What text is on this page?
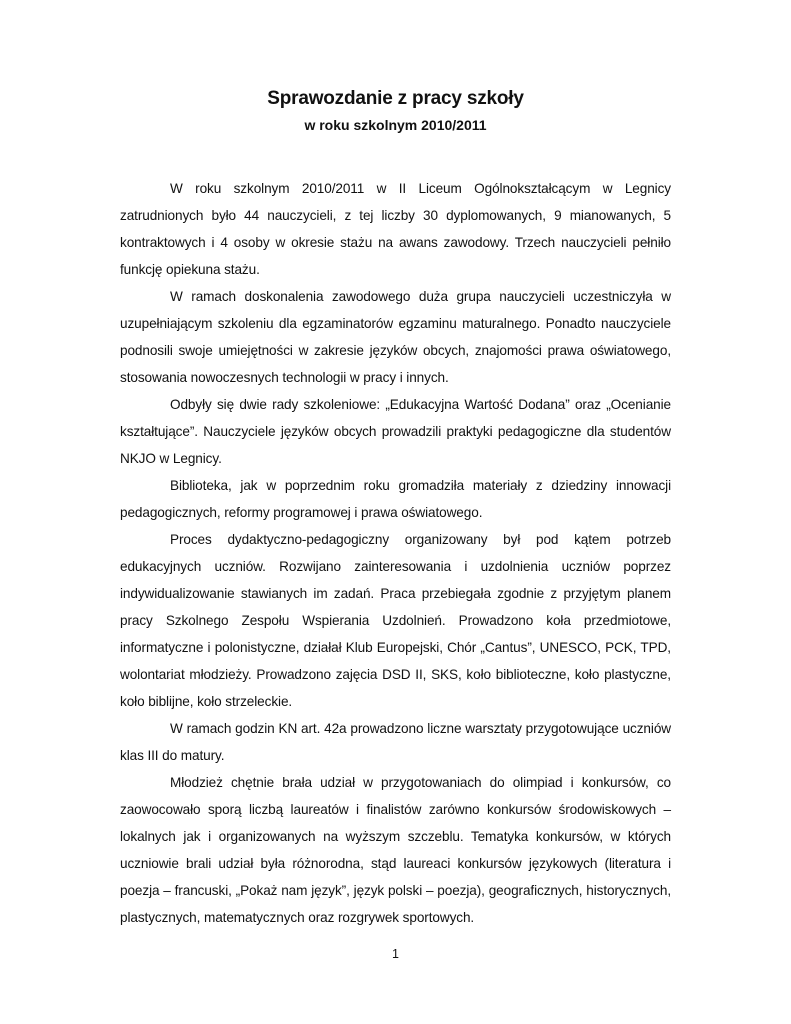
Sprawozdanie z pracy szkoły
w roku szkolnym 2010/2011

W roku szkolnym 2010/2011 w II Liceum Ogólnokształcącym w Legnicy zatrudnionych było 44 nauczycieli, z tej liczby 30 dyplomowanych, 9 mianowanych, 5 kontraktowych i 4 osoby w okresie stażu na awans zawodowy. Trzech nauczycieli pełniło funkcję opiekuna stażu.

W ramach doskonalenia zawodowego duża grupa nauczycieli uczestniczyła w uzupełniającym szkoleniu dla egzaminatorów egzaminu maturalnego. Ponadto nauczyciele podnosili swoje umiejętności w zakresie języków obcych, znajomości prawa oświatowego, stosowania nowoczesnych technologii w pracy i innych.

Odbyły się dwie rady szkoleniowe: „Edukacyjna Wartość Dodana” oraz „Ocenianie kształtujące”. Nauczyciele języków obcych prowadzili praktyki pedagogiczne dla studentów NKJO w Legnicy.

Biblioteka, jak w poprzednim roku gromadziła materiały z dziedziny innowacji pedagogicznych, reformy programowej i prawa oświatowego.

Proces dydaktyczno-pedagogiczny organizowany był pod kątem potrzeb edukacyjnych uczniów. Rozwijano zainteresowania i uzdolnienia uczniów poprzez indywidualizowanie stawianych im zadań. Praca przebiegała zgodnie z przyjętym planem pracy Szkolnego Zespołu Wspierania Uzdolnień. Prowadzono koła przedmiotowe, informatyczne i polonistyczne, działał Klub Europejski, Chór „Cantus”, UNESCO, PCK, TPD, wolontariat młodzieży. Prowadzono zajęcia DSD II, SKS, koło biblioteczne, koło plastyczne, koło biblijne, koło strzeleckie.

W ramach godzin KN art. 42a prowadzono liczne warsztaty przygotowujące uczniów klas III do matury.

Młodzież chętnie brała udział w przygotowaniach do olimpiad i konkursów, co zaowocowało sporą liczbą laureatów i finalistów zarówno konkursów środowiskowych – lokalnych jak i organizowanych na wyższym szczeblu. Tematyka konkursów, w których uczniowie brali udział była różnorodna, stąd laureaci konkursów językowych (literatura i poezja – francuski, „Pokaż nam język”, język polski – poezja), geograficznych, historycznych, plastycznych, matematycznych oraz rozgrywek sportowych.

1
